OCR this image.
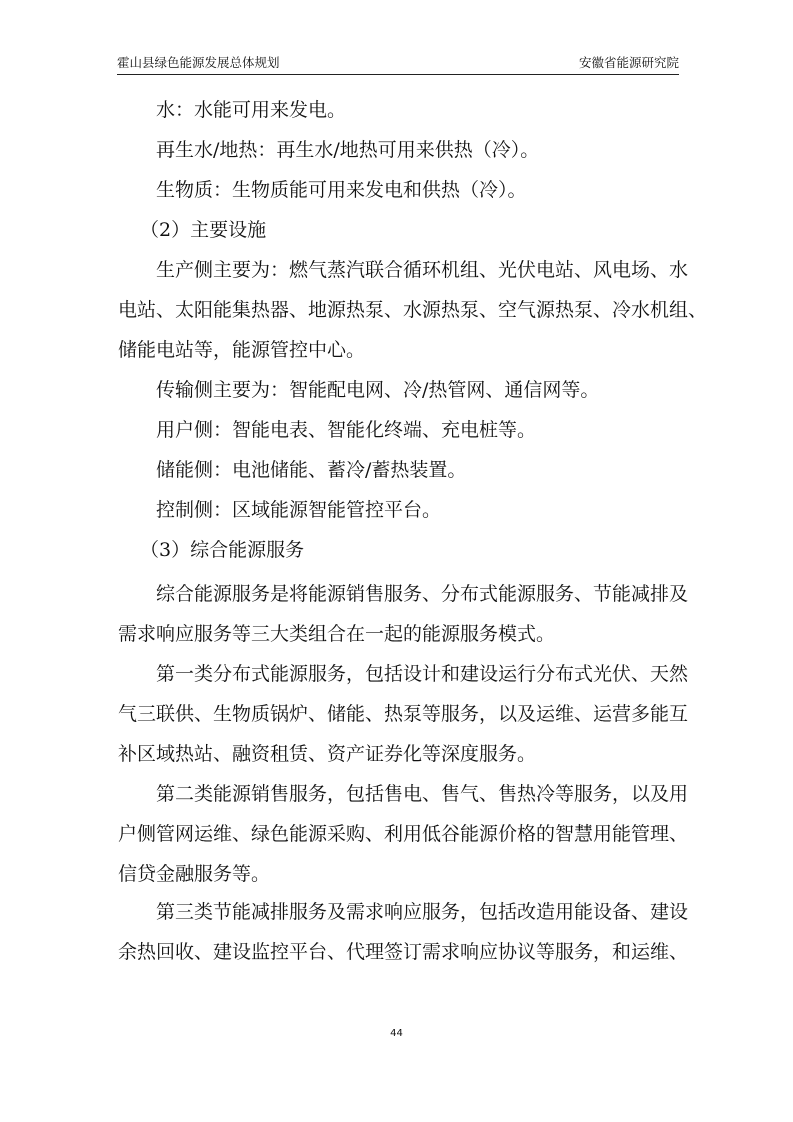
霍山县绿色能源发展总体规划	安徽省能源研究院
水：水能可用来发电。
再生水/地热：再生水/地热可用来供热（冷）。
生物质：生物质能可用来发电和供热（冷）。
（2）主要设施
生产侧主要为：燃气蒸汽联合循环机组、光伏电站、风电场、水
电站、太阳能集热器、地源热泵、水源热泵、空气源热泵、冷水机组、
储能电站等，能源管控中心。
传输侧主要为：智能配电网、冷/热管网、通信网等。
用户侧：智能电表、智能化终端、充电桩等。
储能侧：电池储能、蓄冷/蓄热装置。
控制侧：区域能源智能管控平台。
（3）综合能源服务
综合能源服务是将能源销售服务、分布式能源服务、节能减排及
需求响应服务等三大类组合在一起的能源服务模式。
第一类分布式能源服务，包括设计和建设运行分布式光伏、天然
气三联供、生物质锅炉、储能、热泵等服务，以及运维、运营多能互
补区域热站、融资租赁、资产证券化等深度服务。
第二类能源销售服务，包括售电、售气、售热冷等服务，以及用
户侧管网运维、绿色能源采购、利用低谷能源价格的智慧用能管理、
信贷金融服务等。
第三类节能减排服务及需求响应服务，包括改造用能设备、建设
余热回收、建设监控平台、代理签订需求响应协议等服务，和运维、
44
